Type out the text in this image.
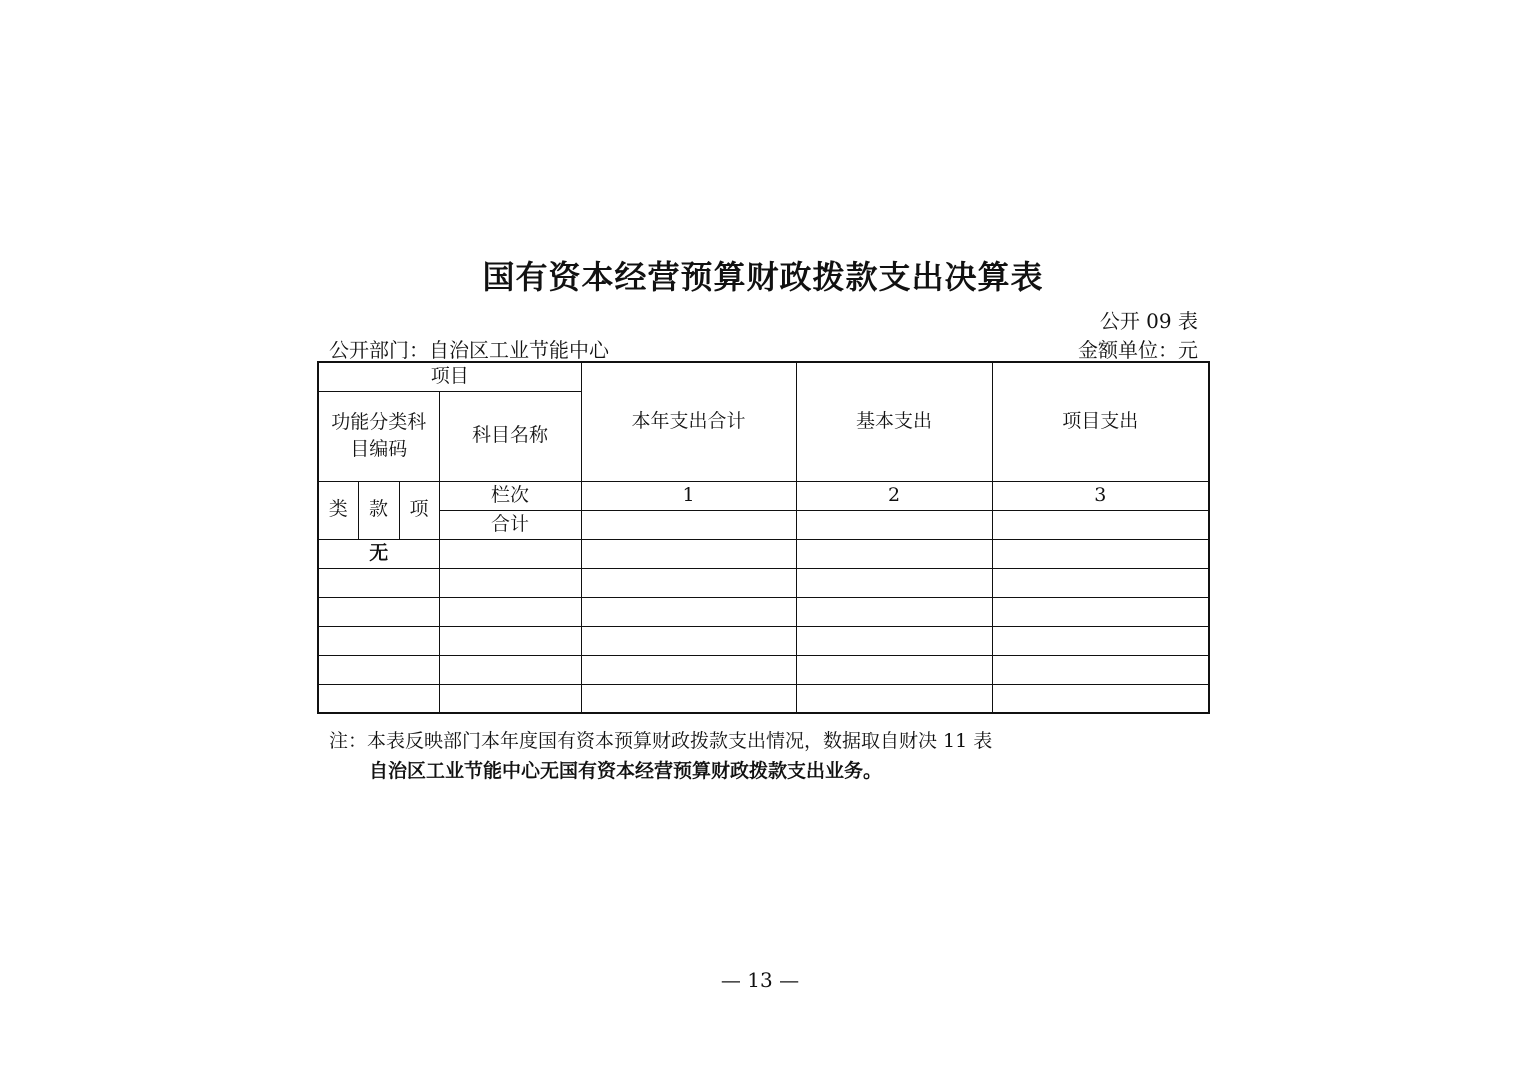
国有资本经营预算财政拨款支出决算表
公开 09 表
公开部门：自治区工业节能中心	金额单位：元
项目				本年支出合计	基本支出	项目支出
功能分类科目编码			科目名称			
类	款	项	栏次	1	2	3
			合计			
无						

注：本表反映部门本年度国有资本预算财政拨款支出情况，数据取自财决 11 表
自治区工业节能中心无国有资本经营预算财政拨款支出业务。
— 13 —
